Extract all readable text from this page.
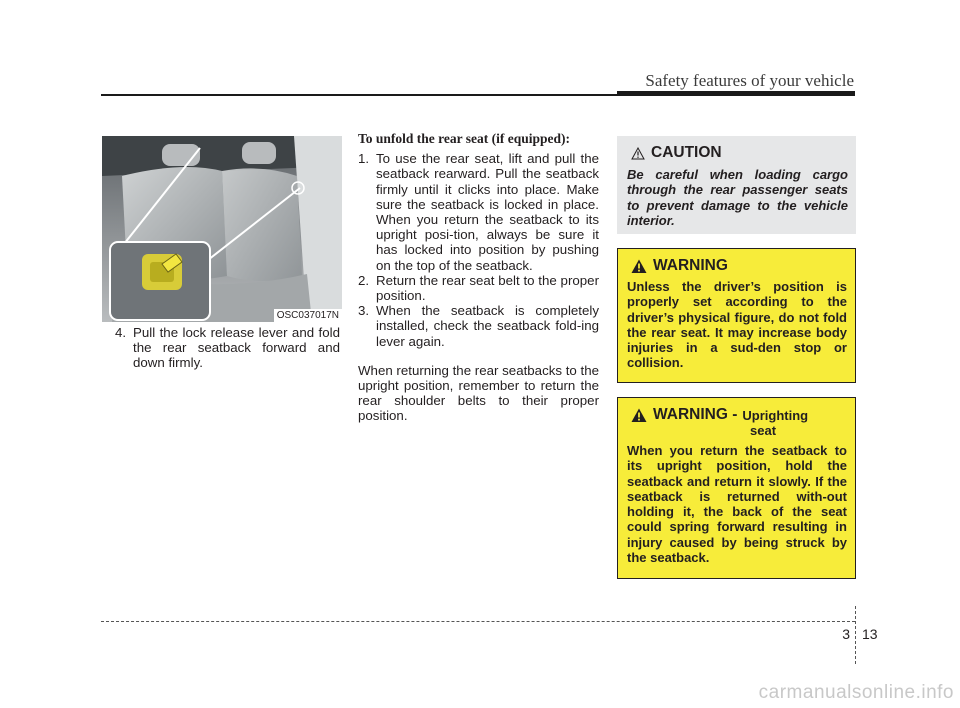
Safety features of your vehicle
OSC037017N
4. Pull the lock release lever and fold the rear seatback forward and down firmly.
To unfold the rear seat (if equipped):
1. To use the rear seat, lift and pull the seatback rearward. Pull the seatback firmly until it clicks into place. Make sure the seatback is locked in place. When you return the seatback to its upright posi-tion, always be sure it has locked into position by pushing on the top of the seatback.
2. Return the rear seat belt to the proper position.
3. When the seatback is completely installed, check the seatback fold-ing lever again.
When returning the rear seatbacks to the upright position, remember to return the rear shoulder belts to their proper position.
CAUTION
Be careful when loading cargo through the rear passenger seats to prevent damage to the vehicle interior.
WARNING
Unless the driver’s position is properly set according to the driver’s physical figure, do not fold the rear seat. It may increase body injuries in a sud-den stop or collision.
WARNING - Uprighting
seat
When you return the seatback to its upright position, hold the seatback and return it slowly. If the seatback is returned with-out holding it, the back of the seat could spring forward resulting in injury caused by being struck by the seatback.
3 13
carmanualsonline.info
